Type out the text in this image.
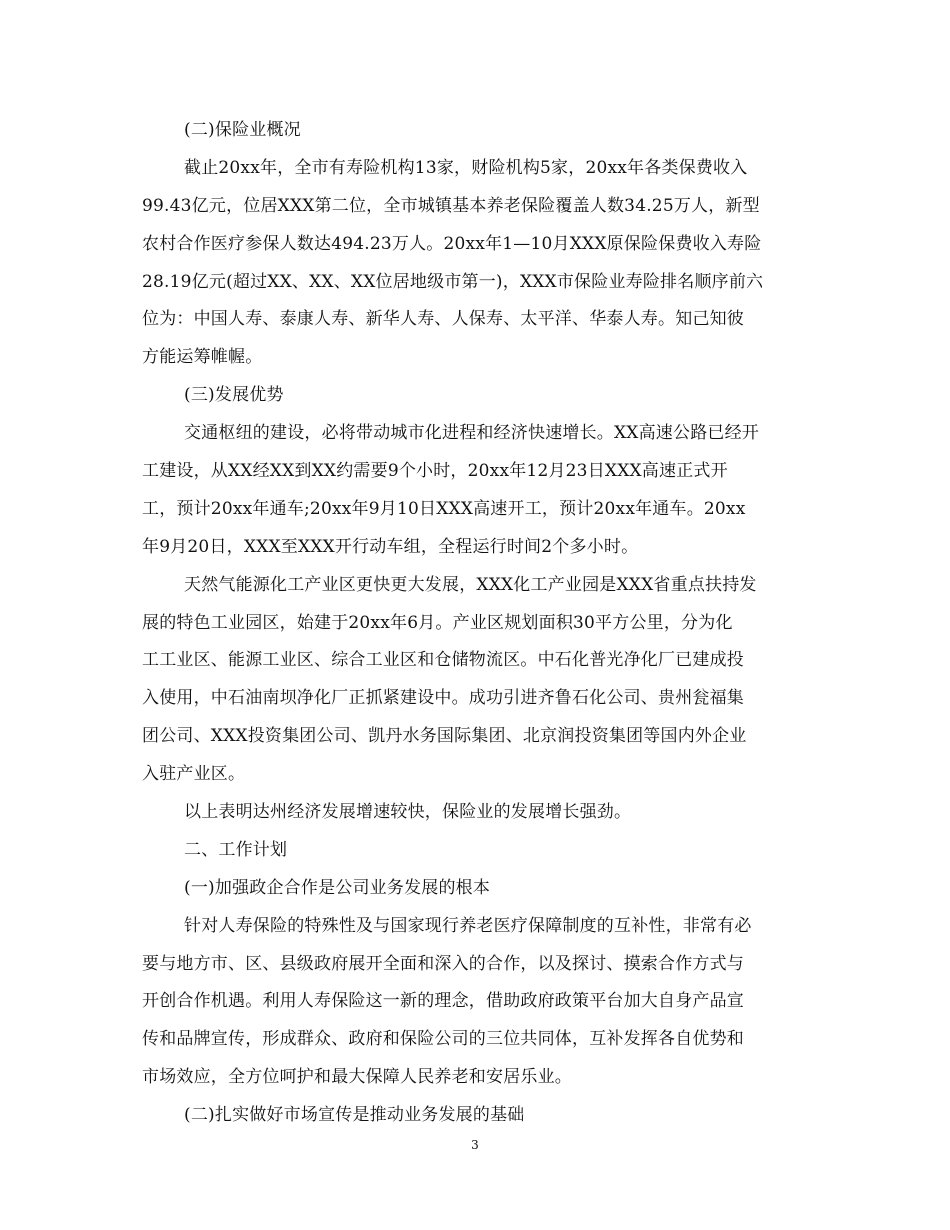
(二)保险业概况
截止20xx年，全市有寿险机构13家，财险机构5家，20xx年各类保费收入
99.43亿元，位居XXX第二位，全市城镇基本养老保险覆盖人数34.25万人，新型
农村合作医疗参保人数达494.23万人。20xx年1—10月XXX原保险保费收入寿险
28.19亿元(超过XX、XX、XX位居地级市第一)，XXX市保险业寿险排名顺序前六
位为：中国人寿、泰康人寿、新华人寿、人保寿、太平洋、华泰人寿。知己知彼
方能运筹帷幄。
(三)发展优势
交通枢纽的建设，必将带动城市化进程和经济快速增长。XX高速公路已经开
工建设，从XX经XX到XX约需要9个小时，20xx年12月23日XXX高速正式开
工，预计20xx年通车;20xx年9月10日XXX高速开工，预计20xx年通车。20xx
年9月20日，XXX至XXX开行动车组，全程运行时间2个多小时。
天然气能源化工产业区更快更大发展，XXX化工产业园是XXX省重点扶持发
展的特色工业园区，始建于20xx年6月。产业区规划面积30平方公里，分为化
工工业区、能源工业区、综合工业区和仓储物流区。中石化普光净化厂已建成投
入使用，中石油南坝净化厂正抓紧建设中。成功引进齐鲁石化公司、贵州瓮福集
团公司、XXX投资集团公司、凯丹水务国际集团、北京润投资集团等国内外企业
入驻产业区。
以上表明达州经济发展增速较快，保险业的发展增长强劲。
二、工作计划
(一)加强政企合作是公司业务发展的根本
针对人寿保险的特殊性及与国家现行养老医疗保障制度的互补性，非常有必
要与地方市、区、县级政府展开全面和深入的合作，以及探讨、摸索合作方式与
开创合作机遇。利用人寿保险这一新的理念，借助政府政策平台加大自身产品宣
传和品牌宣传，形成群众、政府和保险公司的三位共同体，互补发挥各自优势和
市场效应，全方位呵护和最大保障人民养老和安居乐业。
(二)扎实做好市场宣传是推动业务发展的基础
3
